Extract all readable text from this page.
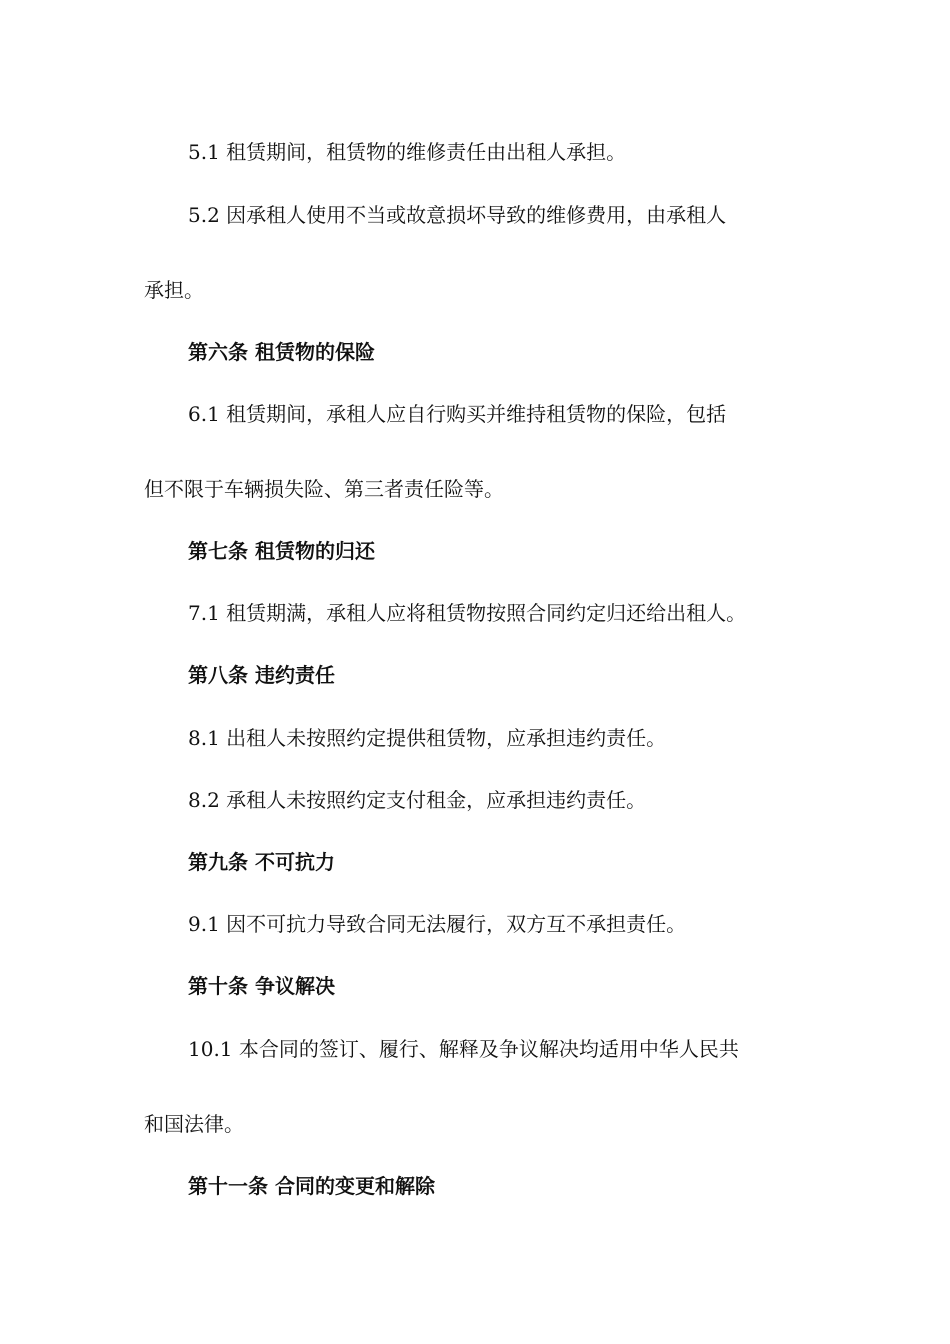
5.1 租赁期间，租赁物的维修责任由出租人承担。
5.2 因承租人使用不当或故意损坏导致的维修费用，由承租人
承担。
第六条 租赁物的保险
6.1 租赁期间，承租人应自行购买并维持租赁物的保险，包括
但不限于车辆损失险、第三者责任险等。
第七条 租赁物的归还
7.1 租赁期满，承租人应将租赁物按照合同约定归还给出租人。
第八条 违约责任
8.1 出租人未按照约定提供租赁物，应承担违约责任。
8.2 承租人未按照约定支付租金，应承担违约责任。
第九条 不可抗力
9.1 因不可抗力导致合同无法履行，双方互不承担责任。
第十条 争议解决
10.1 本合同的签订、履行、解释及争议解决均适用中华人民共
和国法律。
第十一条 合同的变更和解除
